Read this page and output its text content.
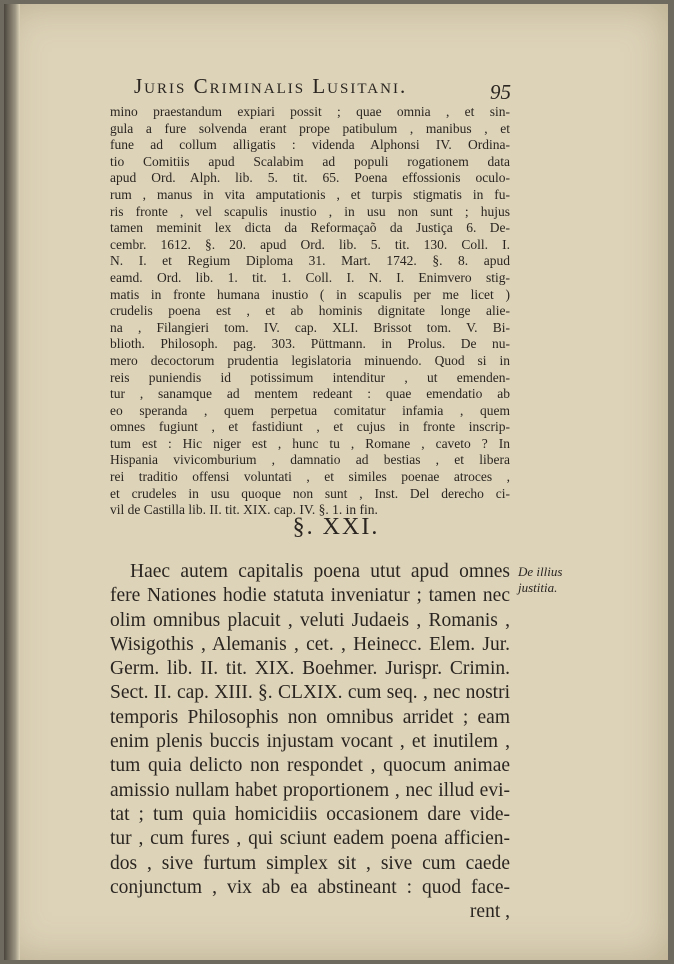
Juris Criminalis Lusitani.	95
mino praestandum expiari possit ; quae omnia , et sin-
gula a fure solvenda erant prope patibulum , manibus , et
fune ad collum alligatis : videnda Alphonsi IV. Ordina-
tio Comitiis apud Scalabim ad populi rogationem data
apud Ord. Alph. lib. 5. tit. 65. Poena effossionis oculo-
rum , manus in vita amputationis , et turpis stigmatis in fu-
ris fronte , vel scapulis inustio , in usu non sunt ; hujus
tamen meminit lex dicta da Reformaçaõ da Justiça 6. De-
cembr. 1612. §. 20. apud Ord. lib. 5. tit. 130. Coll. I.
N. I. et Regium Diploma 31. Mart. 1742. §. 8. apud
eamd. Ord. lib. 1. tit. 1. Coll. I. N. I. Enimvero stig-
matis in fronte humana inustio ( in scapulis per me licet )
crudelis poena est , et ab hominis dignitate longe alie-
na , Filangieri tom. IV. cap. XLI. Brissot tom. V. Bi-
blioth. Philosoph. pag. 303. Püttmann. in Prolus. De nu-
mero decoctorum prudentia legislatoria minuendo. Quod si in
reis puniendis id potissimum intenditur , ut emenden-
tur , sanamque ad mentem redeant : quae emendatio ab
eo speranda , quem perpetua comitatur infamia , quem
omnes fugiunt , et fastidiunt , et cujus in fronte inscrip-
tum est : Hic niger est , hunc tu , Romane , caveto ? In
Hispania vivicomburium , damnatio ad bestias , et libera
rei traditio offensi voluntati , et similes poenae atroces ,
et crudeles in usu quoque non sunt , Inst. Del derecho ci-
vil de Castilla lib. II. tit. XIX. cap. IV. §. 1. in fin.
§. XXI.
Haec autem capitalis poena utut apud omnes
fere Nationes hodie statuta inveniatur ; tamen nec
olim omnibus placuit , veluti Judaeis , Romanis ,
Wisigothis , Alemanis , cet. , Heinecc. Elem. Jur.
Germ. lib. II. tit. XIX. Boehmer. Jurispr. Crimin.
Sect. II. cap. XIII. §. CLXIX. cum seq. , nec nostri
temporis Philosophis non omnibus arridet ; eam
enim plenis buccis injustam vocant , et inutilem ,
tum quia delicto non respondet , quocum animae
amissio nullam habet proportionem , nec illud evi-
tat ; tum quia homicidiis occasionem dare vide-
tur , cum fures , qui sciunt eadem poena afficien-
dos , sive furtum simplex sit , sive cum caede
conjunctum , vix ab ea abstineant : quod face-
rent ,
De illius
justitia.
